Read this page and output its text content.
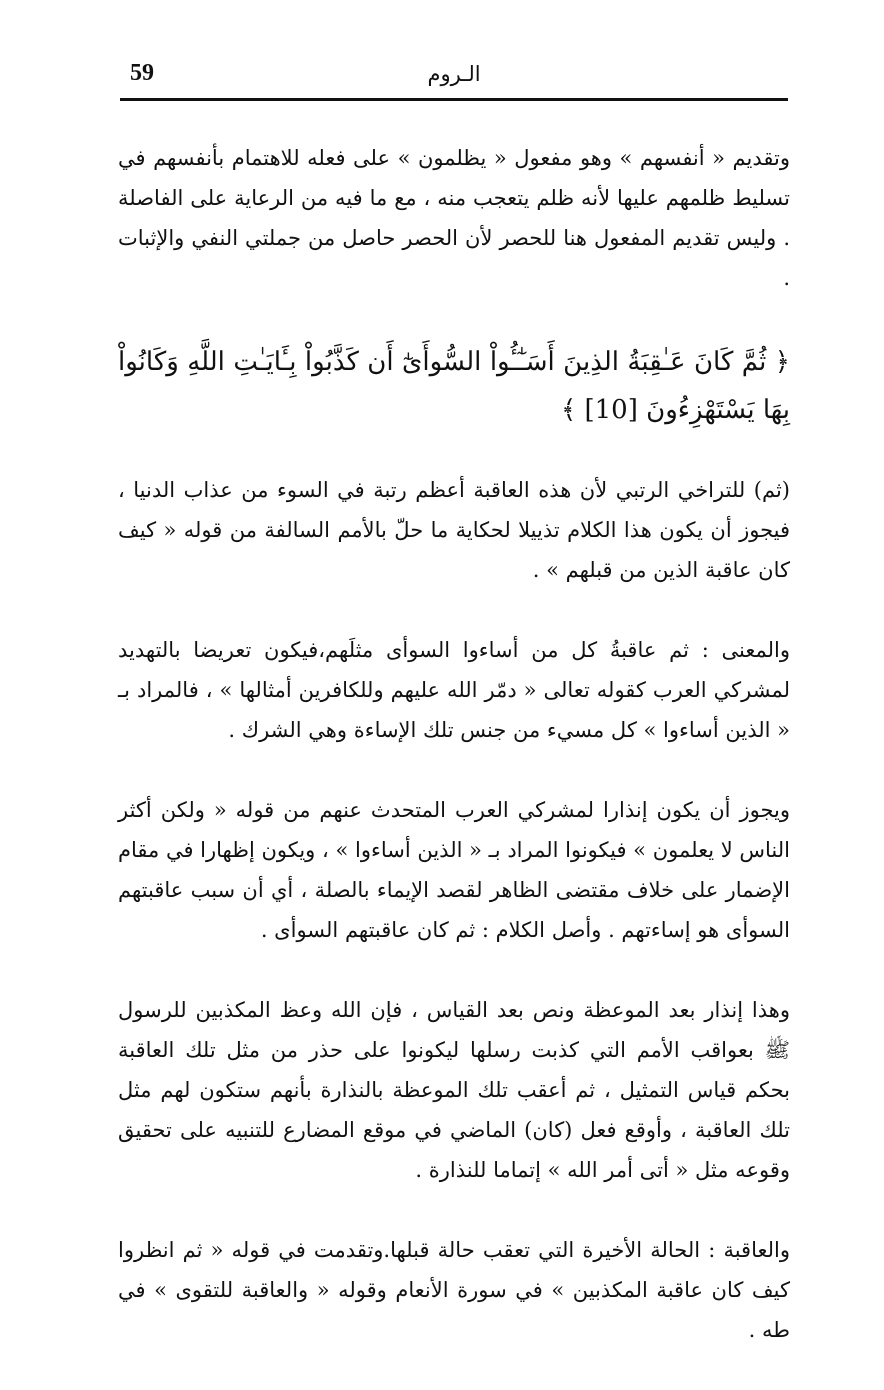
59	الـروم

وتقديم « أنفسهم » وهو مفعول « يظلمون » على فعله للاهتمام بأنفسهم في تسليط ظلمهم عليها لأنه ظلم يتعجب منه ، مع ما فيه من الرعاية على الفاصلة . وليس تقديم المفعول هنا للحصر لأن الحصر حاصل من جملتي النفي والإثبات .

﴿ ثُمَّ كَانَ عَـٰقِبَةُ الذِينَ أَسَـٰٓـُٔواْ السُّوأَىٰٓ أَن كَذَّبُواْ بِـَٔايَـٰتِ اللَّهِ وَكَانُواْ بِهَا يَسْتَهْزِءُونَ [10] ﴾

(ثم) للتراخي الرتبي لأن هذه العاقبة أعظم رتبة في السوء من عذاب الدنيا ، فيجوز أن يكون هذا الكلام تذييلا لحكاية ما حلّ بالأمم السالفة من قوله « كيف كان عاقبة الذين من قبلهم » .

والمعنى : ثم عاقبةُ كل من أساءوا السوأى مثلَهم،فيكون تعريضا بالتهديد لمشركي العرب كقوله تعالى « دمّر الله عليهم وللكافرين أمثالها » ، فالمراد بـ « الذين أساءوا » كل مسيء من جنس تلك الإساءة وهي الشرك .

ويجوز أن يكون إنذارا لمشركي العرب المتحدث عنهم من قوله « ولكن أكثر الناس لا يعلمون » فيكونوا المراد بـ « الذين أساءوا » ، ويكون إظهارا في مقام الإضمار على خلاف مقتضى الظاهر لقصد الإيماء بالصلة ، أي أن سبب عاقبتهم السوأى هو إساءتهم . وأصل الكلام : ثم كان عاقبتهم السوأى .

وهذا إنذار بعد الموعظة ونص بعد القياس ، فإن الله وعظ المكذبين للرسول ﷺ بعواقب الأمم التي كذبت رسلها ليكونوا على حذر من مثل تلك العاقبة بحكم قياس التمثيل ، ثم أعقب تلك الموعظة بالنذارة بأنهم ستكون لهم مثل تلك العاقبة ، وأوقع فعل (كان) الماضي في موقع المضارع للتنبيه على تحقيق وقوعه مثل « أتى أمر الله » إتماما للنذارة .

والعاقبة : الحالة الأخيرة التي تعقب حالة قبلها.وتقدمت في قوله « ثم انظروا كيف كان عاقبة المكذبين » في سورة الأنعام وقوله « والعاقبة للتقوى » في طه .
